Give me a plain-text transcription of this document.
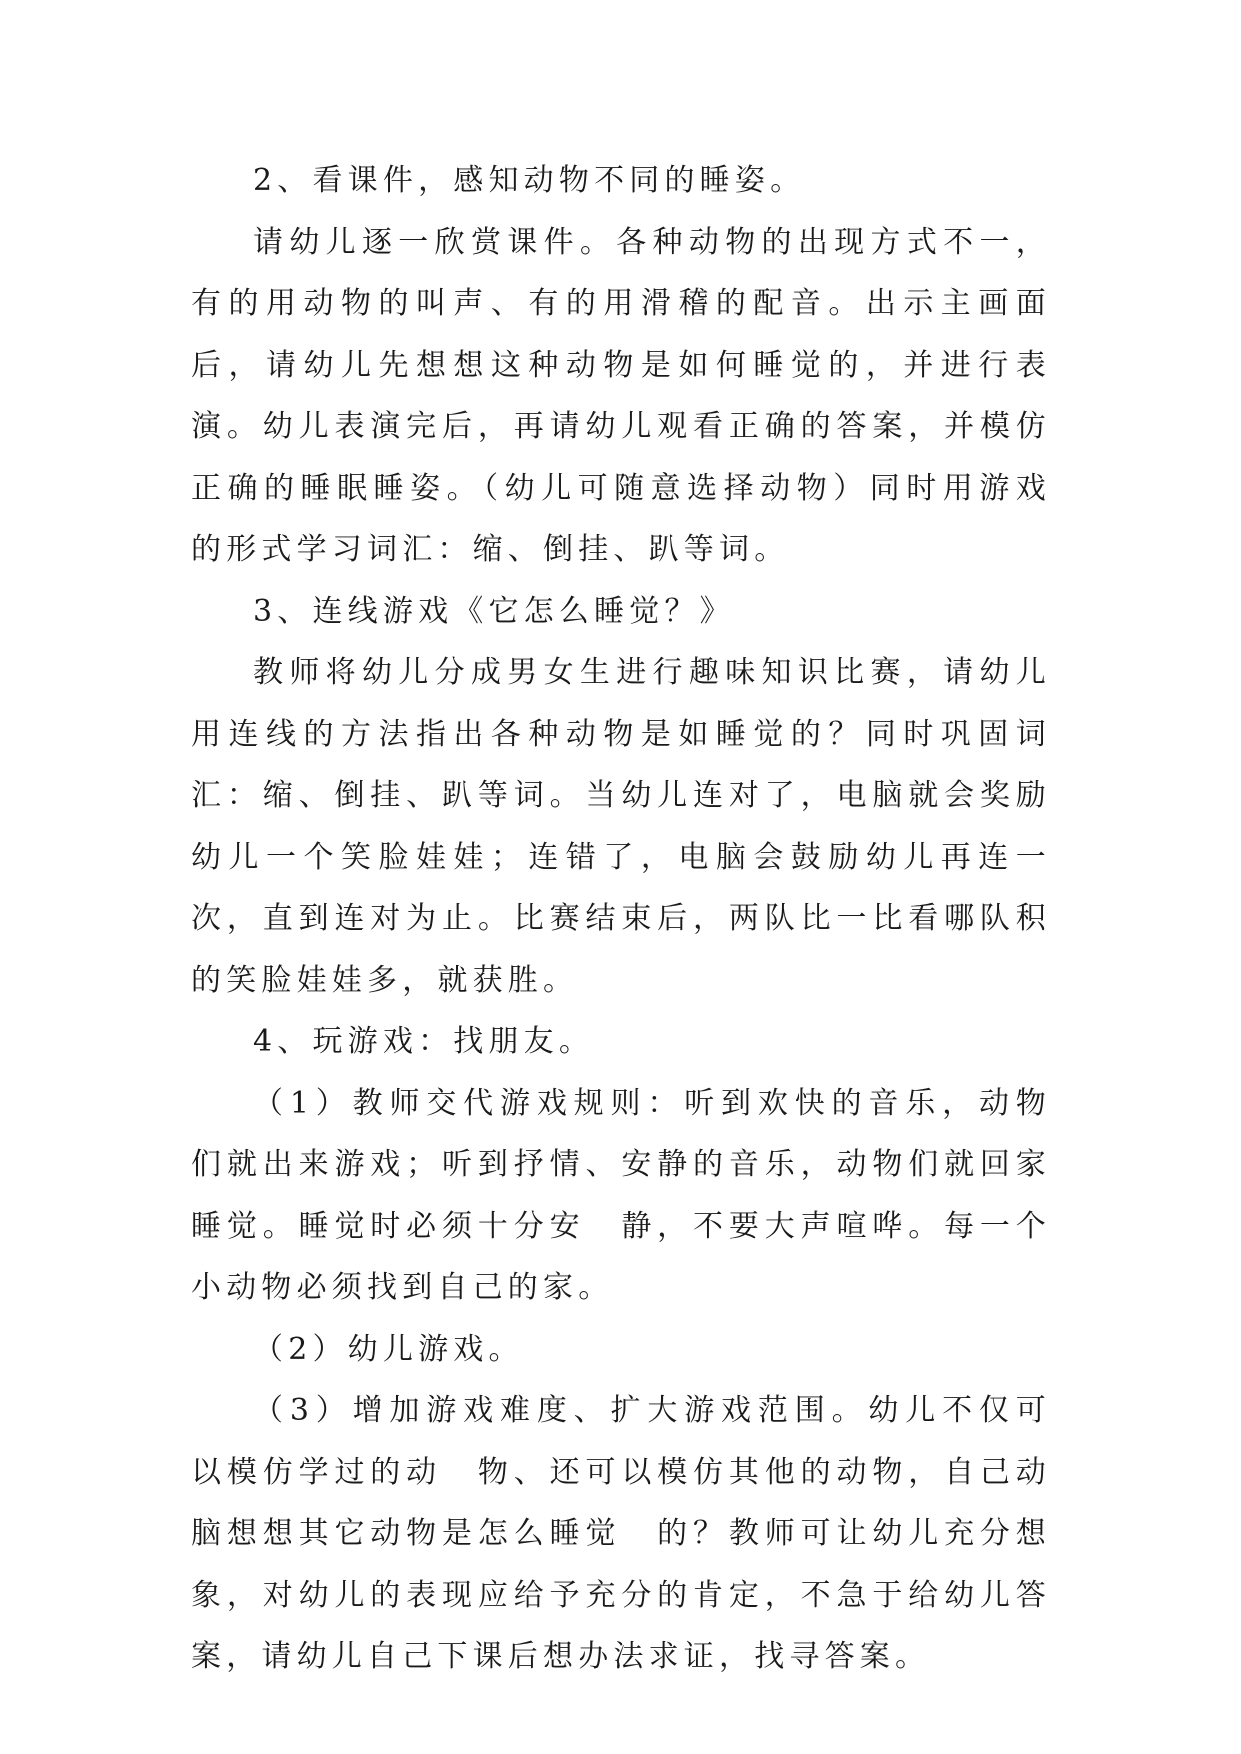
2、看课件，感知动物不同的睡姿。

请幼儿逐一欣赏课件。各种动物的出现方式不一，有的用动物的叫声、有的用滑稽的配音。出示主画面后，请幼儿先想想这种动物是如何睡觉的，并进行表演。幼儿表演完后，再请幼儿观看正确的答案，并模仿正确的睡眠睡姿。（幼儿可随意选择动物）同时用游戏的形式学习词汇：缩、倒挂、趴等词。

3、连线游戏《它怎么睡觉？》

教师将幼儿分成男女生进行趣味知识比赛，请幼儿用连线的方法指出各种动物是如睡觉的？同时巩固词汇：缩、倒挂、趴等词。当幼儿连对了，电脑就会奖励幼儿一个笑脸娃娃；连错了，电脑会鼓励幼儿再连一次，直到连对为止。比赛结束后，两队比一比看哪队积的笑脸娃娃多，就获胜。

4、玩游戏：找朋友。

（1）教师交代游戏规则：听到欢快的音乐，动物们就出来游戏；听到抒情、安静的音乐，动物们就回家睡觉。睡觉时必须十分安　静，不要大声喧哗。每一个小动物必须找到自己的家。

（2）幼儿游戏。

（3）增加游戏难度、扩大游戏范围。幼儿不仅可以模仿学过的动　物、还可以模仿其他的动物，自己动脑想想其它动物是怎么睡觉　的？教师可让幼儿充分想象，对幼儿的表现应给予充分的肯定，不急于给幼儿答案，请幼儿自己下课后想办法求证，找寻答案。
